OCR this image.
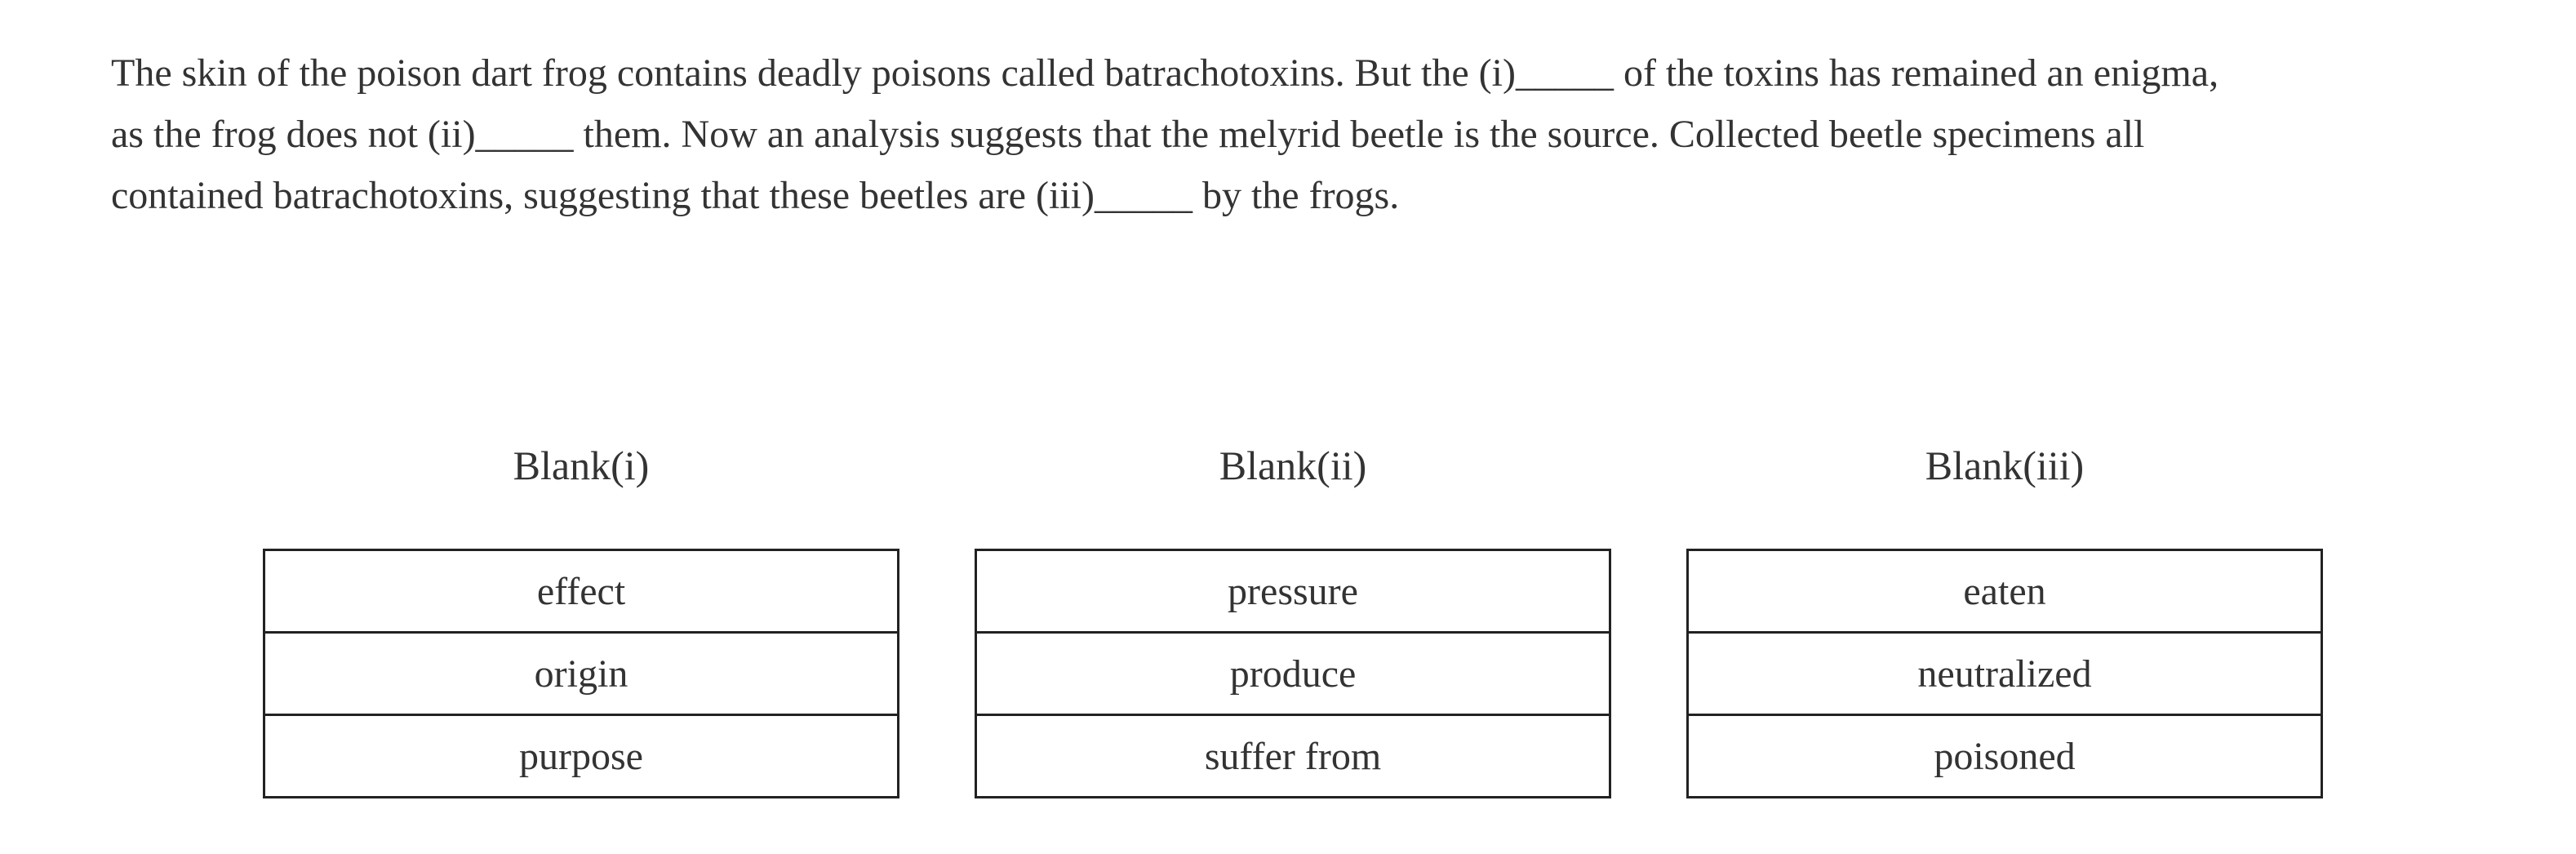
The skin of the poison dart frog contains deadly poisons called batrachotoxins. But the (i)_____ of the toxins has remained an enigma,
as the frog does not (ii)_____ them. Now an analysis suggests that the melyrid beetle is the source. Collected beetle specimens all
contained batrachotoxins, suggesting that these beetles are (iii)_____ by the frogs.

Blank(i)
effect
origin
purpose
Blank(ii)
pressure
produce
suffer from
Blank(iii)
eaten
neutralized
poisoned
